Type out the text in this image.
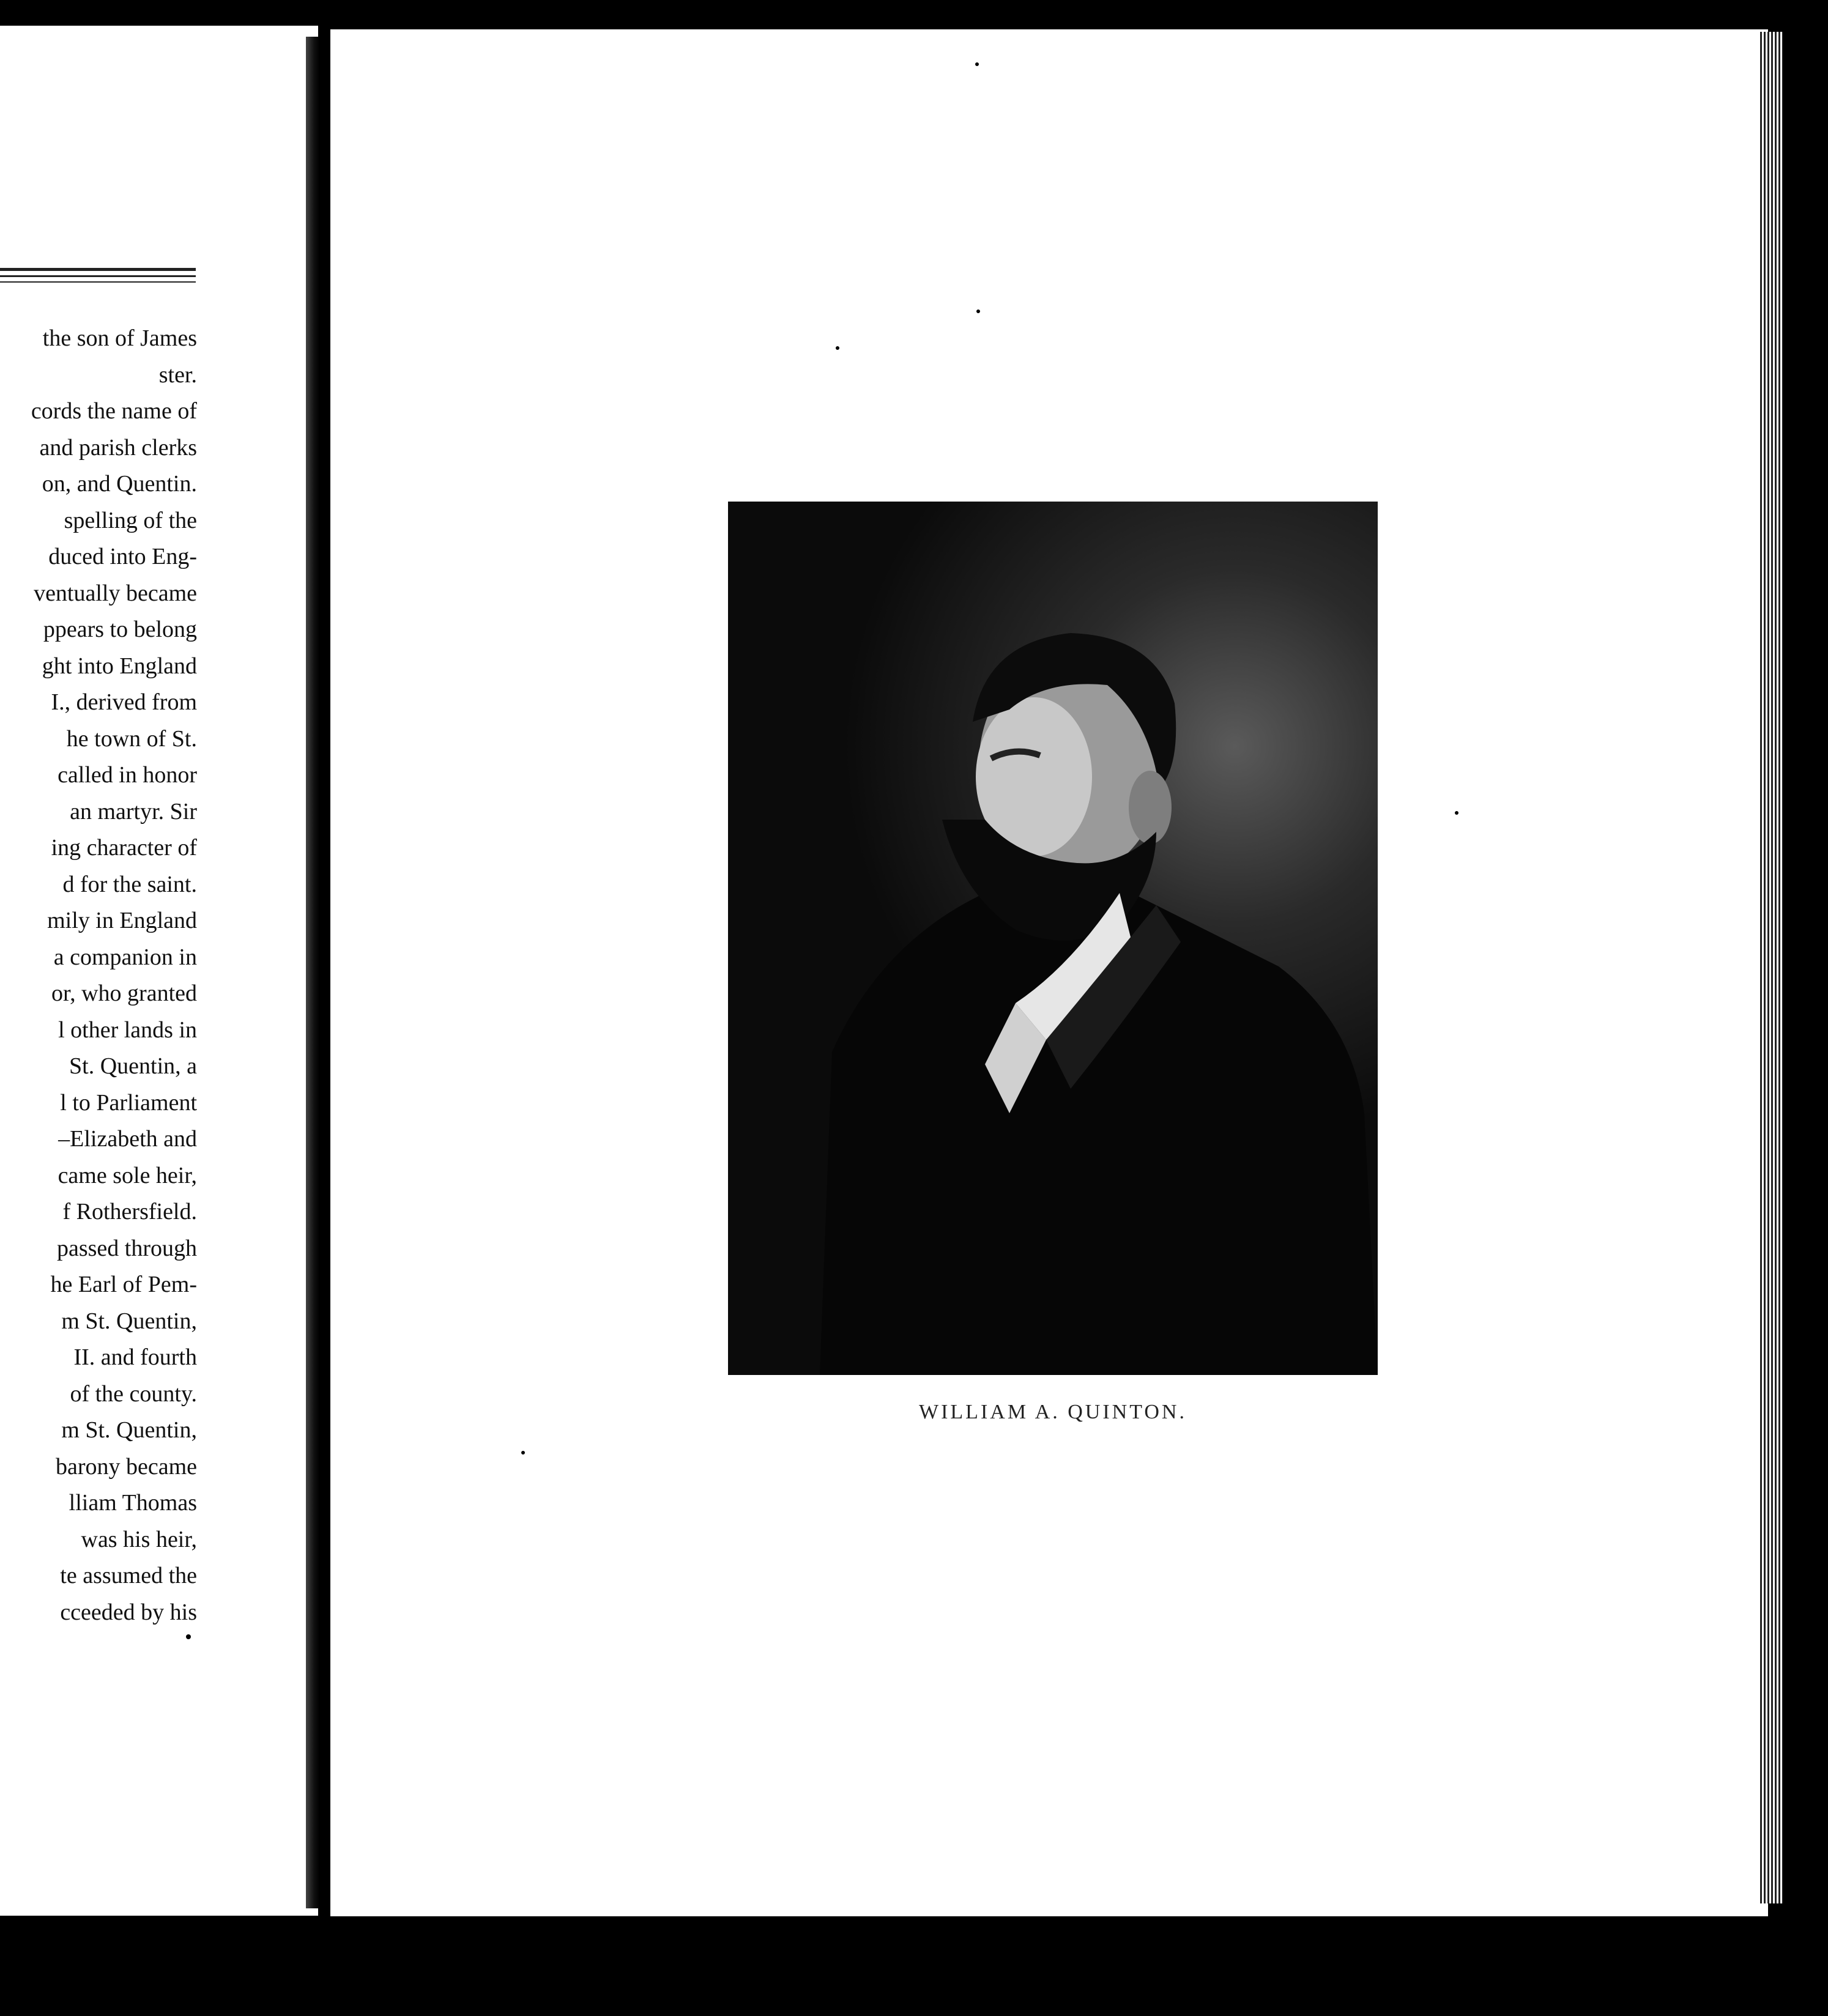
the son of James
ster.
cords the name of
and parish clerks
on, and Quentin.
spelling of the
duced into Eng-
ventually became
ppears to belong
ght into England
I., derived from
he town of St.
called in honor
an martyr. Sir
ing character of
d for the saint.
mily in England
a companion in
or, who granted
l other lands in
St. Quentin, a
l to Parliament
–Elizabeth and
came sole heir,
f Rothersfield.
passed through
he Earl of Pem-
m St. Quentin,
II. and fourth
of the county.
m St. Quentin,
barony became
lliam Thomas
was his heir,
te assumed the
cceeded by his
WILLIAM A. QUINTON.
